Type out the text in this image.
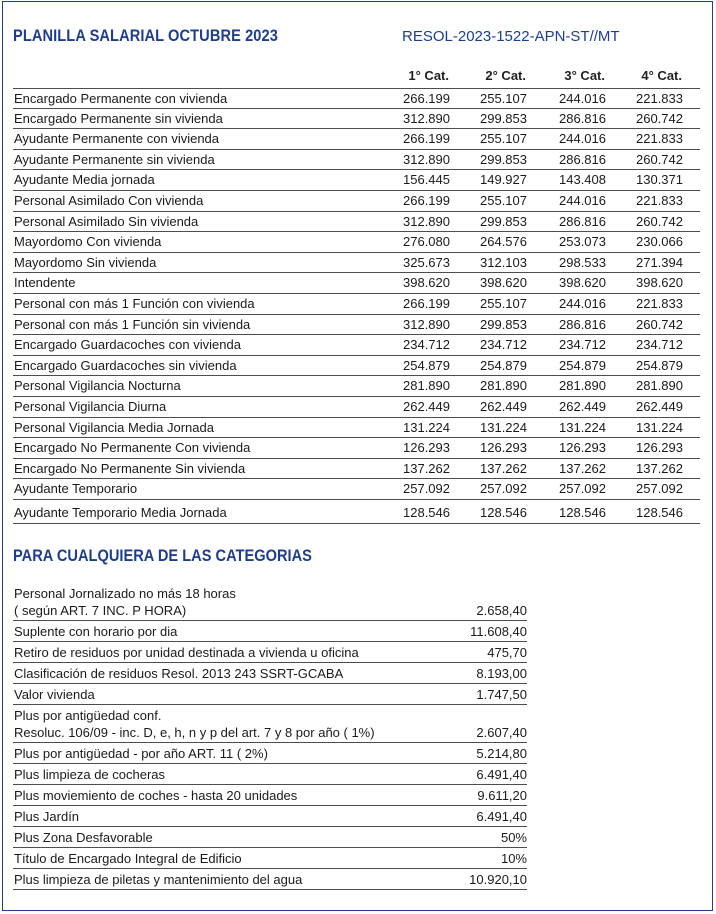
PLANILLA SALARIAL OCTUBRE 2023	RESOL-2023-1522-APN-ST//MT
1° Cat.	2° Cat.	3° Cat.	4° Cat.
Encargado Permanente con vivienda	266.199	255.107	244.016	221.833
Encargado Permanente sin vivienda	312.890	299.853	286.816	260.742
Ayudante Permanente con vivienda	266.199	255.107	244.016	221.833
Ayudante Permanente sin vivienda	312.890	299.853	286.816	260.742
Ayudante Media jornada	156.445	149.927	143.408	130.371
Personal Asimilado Con vivienda	266.199	255.107	244.016	221.833
Personal Asimilado Sin vivienda	312.890	299.853	286.816	260.742
Mayordomo Con vivienda	276.080	264.576	253.073	230.066
Mayordomo Sin vivienda	325.673	312.103	298.533	271.394
Intendente	398.620	398.620	398.620	398.620
Personal con más 1 Función con vivienda	266.199	255.107	244.016	221.833
Personal con más 1 Función sin vivienda	312.890	299.853	286.816	260.742
Encargado Guardacoches con vivienda	234.712	234.712	234.712	234.712
Encargado Guardacoches sin vivienda	254.879	254.879	254.879	254.879
Personal Vigilancia Nocturna	281.890	281.890	281.890	281.890
Personal Vigilancia Diurna	262.449	262.449	262.449	262.449
Personal Vigilancia Media Jornada	131.224	131.224	131.224	131.224
Encargado No Permanente Con vivienda	126.293	126.293	126.293	126.293
Encargado No Permanente Sin vivienda	137.262	137.262	137.262	137.262
Ayudante Temporario	257.092	257.092	257.092	257.092
Ayudante Temporario Media Jornada	128.546	128.546	128.546	128.546
PARA CUALQUIERA DE LAS CATEGORIAS
Personal Jornalizado no más 18 horas
( según ART. 7 INC. P HORA)	2.658,40
Suplente con horario por dia	11.608,40
Retiro de residuos por unidad destinada a vivienda u oficina	475,70
Clasificación de residuos Resol. 2013 243 SSRT-GCABA	8.193,00
Valor vivienda	1.747,50
Plus por antigüedad conf.
Resoluc. 106/09 - inc. D, e, h, n y p del art. 7 y 8 por año ( 1%)	2.607,40
Plus por antigüedad - por año ART. 11 ( 2%)	5.214,80
Plus limpieza de cocheras	6.491,40
Plus moviemiento de coches - hasta 20 unidades	9.611,20
Plus Jardín	6.491,40
Plus Zona Desfavorable	50%
Título de Encargado Integral de Edificio	10%
Plus limpieza de piletas y mantenimiento del agua	10.920,10
